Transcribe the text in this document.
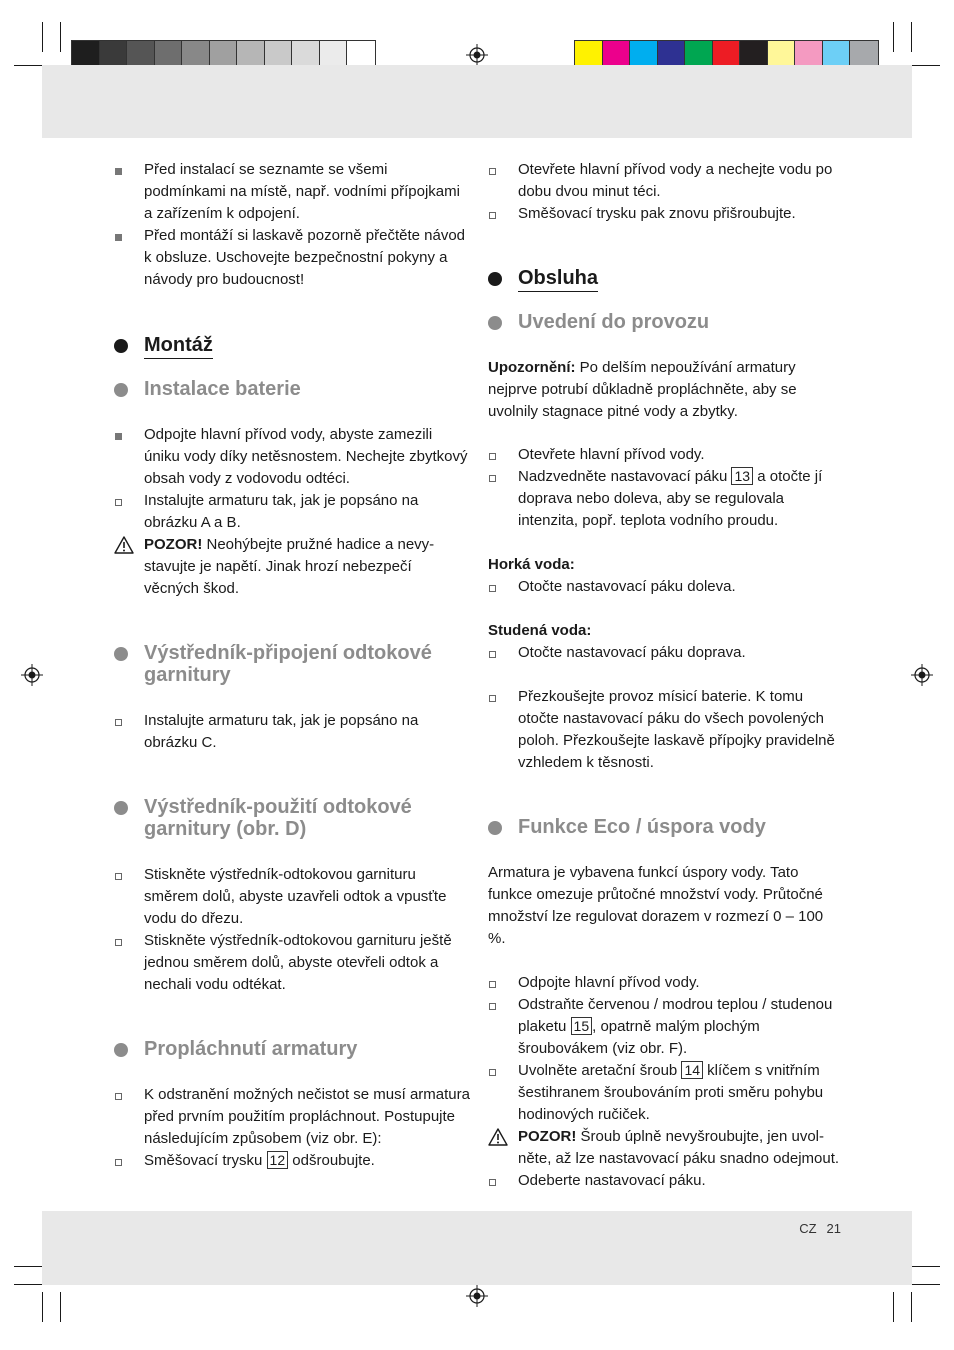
CZ 21
Před instalací se seznamte se všemi podmínkami na místě, např. vodními přípojkami a zařízením k odpojení.
Před montáží si laskavě pozorně přečtěte návod k obsluze. Uschovejte bezpečnostní pokyny a návody pro budoucnost!
Montáž
Instalace baterie
Odpojte hlavní přívod vody, abyste zamezili úniku vody díky netěsnostem. Nechejte zbytkový obsah vody z vodovodu odtéci.
Instalujte armaturu tak, jak je popsáno na obrázku A a B.
POZOR! Neohýbejte pružné hadice a nevy-stavujte je napětí. Jinak hrozí nebezpečí věcných škod.
Výstředník-připojení odtokové garnitury
Instalujte armaturu tak, jak je popsáno na obrázku C.
Výstředník-použití odtokové garnitury (obr. D)
Stiskněte výstředník-odtokovou garnituru směrem dolů, abyste uzavřeli odtok a vpusťte vodu do dřezu.
Stiskněte výstředník-odtokovou garnituru ještě jednou směrem dolů, abyste otevřeli odtok a nechali vodu odtékat.
Propláchnutí armatury
K odstranění možných nečistot se musí armatura před prvním použitím propláchnout. Postupujte následujícím způsobem (viz obr. E):
Směšovací trysku 12 odšroubujte.
Otevřete hlavní přívod vody a nechejte vodu po dobu dvou minut téci.
Směšovací trysku pak znovu přišroubujte.
Obsluha
Uvedení do provozu
Upozornění: Po delším nepoužívání armatury nejprve potrubí důkladně propláchněte, aby se uvolnily stagnace pitné vody a zbytky.
Otevřete hlavní přívod vody.
Nadzvedněte nastavovací páku 13 a otočte jí doprava nebo doleva, aby se regulovala intenzita, popř. teplota vodního proudu.
Horká voda:
Otočte nastavovací páku doleva.
Studená voda:
Otočte nastavovací páku doprava.
Přezkoušejte provoz mísicí baterie. K tomu otočte nastavovací páku do všech povolených poloh. Přezkoušejte laskavě přípojky pravidelně vzhledem k těsnosti.
Funkce Eco / úspora vody
Armatura je vybavena funkcí úspory vody. Tato funkce omezuje průtočné množství vody. Průtočné množství lze regulovat dorazem v rozmezí 0 – 100 %.
Odpojte hlavní přívod vody.
Odstraňte červenou / modrou teplou / studenou plaketu 15 , opatrně malým plochým šroubovákem (viz obr. F).
Uvolněte aretační šroub 14 klíčem s vnitřním šestihranem šroubováním proti směru pohybu hodinových ručiček.
POZOR! Šroub úplně nevyšroubujte, jen uvol-něte, až lze nastavovací páku snadno odejmout.
Odeberte nastavovací páku.
